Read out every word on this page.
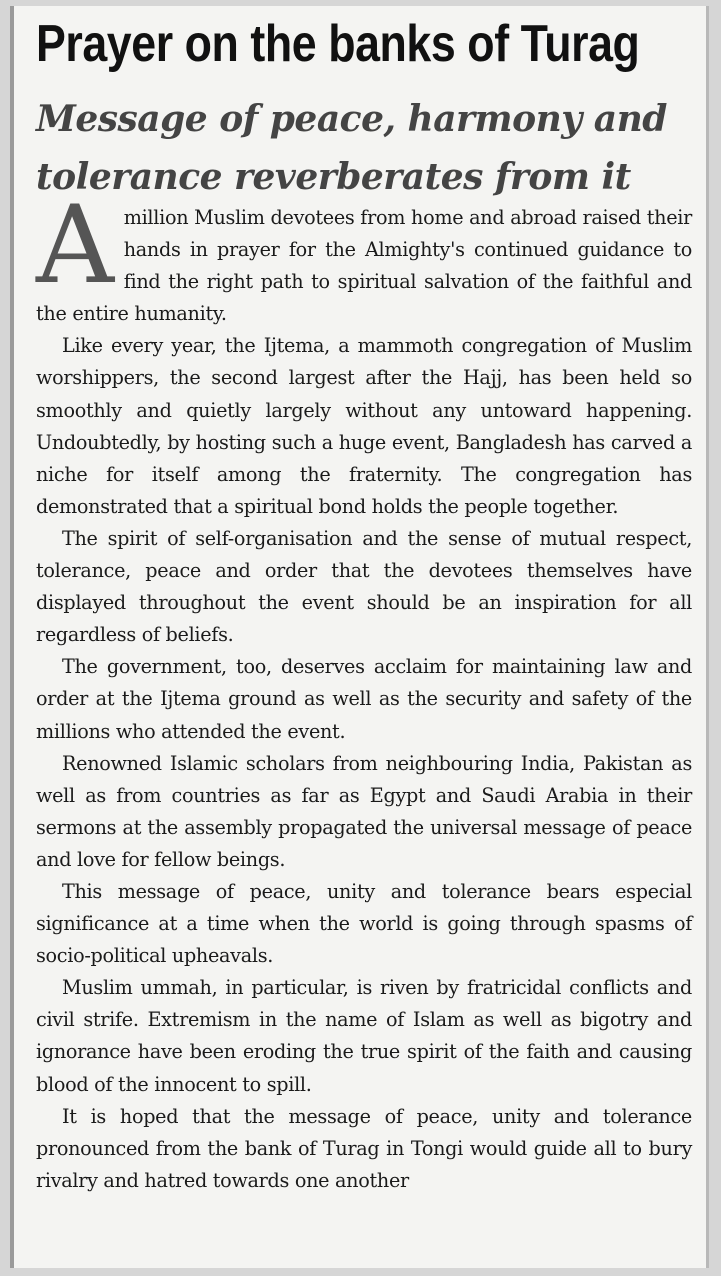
Prayer on the banks of Turag
Message of peace, harmony and
tolerance reverberates from it

Amillion Muslim devotees from home and abroad raised their hands in prayer for the Almighty's continued guidance to find the right path to spiritual salvation of the faithful and the entire humanity.

Like every year, the Ijtema, a mammoth congregation of Muslim worshippers, the second largest after the Hajj, has been held so smoothly and quietly largely without any untoward happening. Undoubtedly, by hosting such a huge event, Bangladesh has carved a niche for itself among the fraternity. The congregation has demonstrated that a spiritual bond holds the people together.

The spirit of self-organisation and the sense of mutual respect, tolerance, peace and order that the devotees themselves have displayed throughout the event should be an inspiration for all regardless of beliefs.

The government, too, deserves acclaim for maintaining law and order at the Ijtema ground as well as the security and safety of the millions who attended the event.

Renowned Islamic scholars from neighbouring India, Pakistan as well as from countries as far as Egypt and Saudi Arabia in their sermons at the assembly propagated the universal message of peace and love for fellow beings.

This message of peace, unity and tolerance bears especial significance at a time when the world is going through spasms of socio-political upheavals.

Muslim ummah, in particular, is riven by fratricidal conflicts and civil strife. Extremism in the name of Islam as well as bigotry and ignorance have been eroding the true spirit of the faith and causing blood of the innocent to spill.

It is hoped that the message of peace, unity and tolerance pronounced from the bank of Turag in Tongi would guide all to bury rivalry and hatred towards one another
